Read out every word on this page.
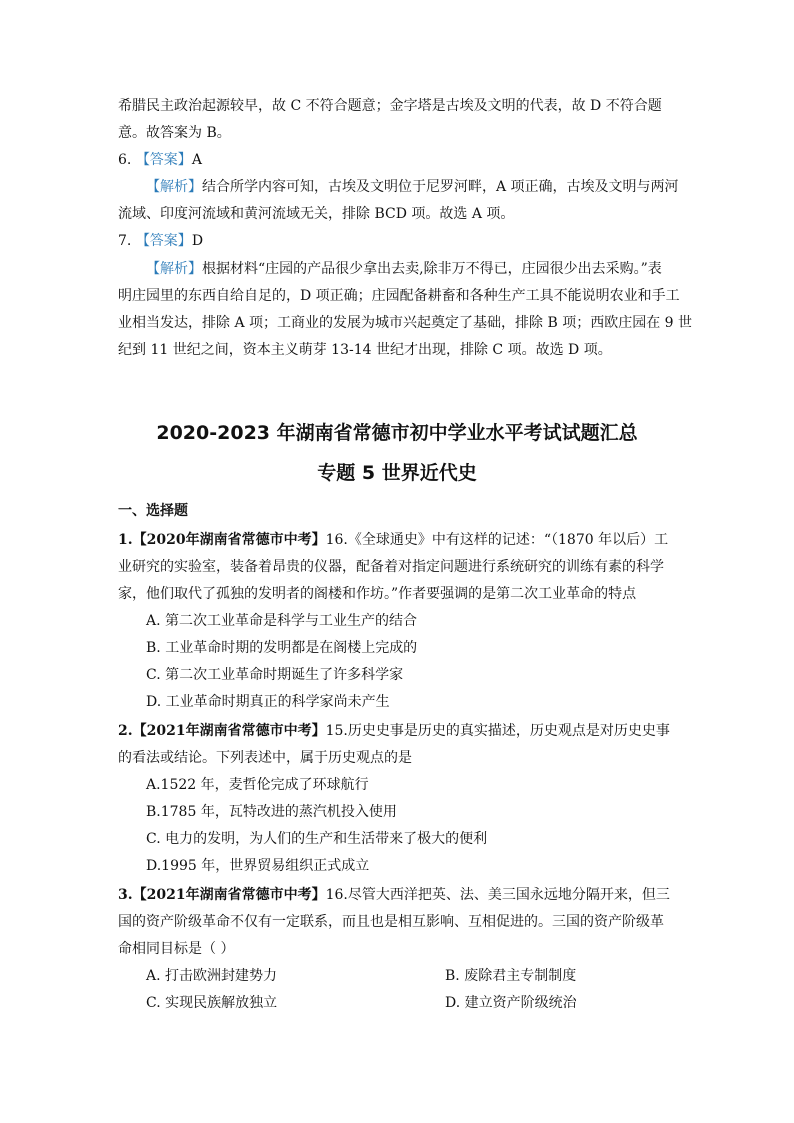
希腊民主政治起源较早，故 C 不符合题意；金字塔是古埃及文明的代表，故 D 不符合题
意。故答案为 B。
6. 【答案】A
【解析】结合所学内容可知，古埃及文明位于尼罗河畔，A 项正确，古埃及文明与两河
流域、印度河流域和黄河流域无关，排除 BCD 项。故选 A 项。
7. 【答案】D
【解析】根据材料“庄园的产品很少拿出去卖,除非万不得已，庄园很少出去采购。”表
明庄园里的东西自给自足的，D 项正确；庄园配备耕畜和各种生产工具不能说明农业和手工
业相当发达，排除 A 项；工商业的发展为城市兴起奠定了基础，排除 B 项；西欧庄园在 9 世
纪到 11 世纪之间，资本主义萌芽 13-14 世纪才出现，排除 C 项。故选 D 项。
2020-2023 年湖南省常德市初中学业水平考试试题汇总
专题 5 世界近代史
一、选择题
1.【2020年湖南省常德市中考】16.《全球通史》中有这样的记述：“（1870 年以后）工
业研究的实验室，装备着昂贵的仪器，配备着对指定问题进行系统研究的训练有素的科学
家，他们取代了孤独的发明者的阁楼和作坊。”作者要强调的是第二次工业革命的特点
A. 第二次工业革命是科学与工业生产的结合
B. 工业革命时期的发明都是在阁楼上完成的
C. 第二次工业革命时期诞生了许多科学家
D. 工业革命时期真正的科学家尚未产生
2.【2021年湖南省常德市中考】15.历史史事是历史的真实描述，历史观点是对历史史事
的看法或结论。下列表述中，属于历史观点的是
A.1522 年，麦哲伦完成了环球航行
B.1785 年，瓦特改进的蒸汽机投入使用
C. 电力的发明，为人们的生产和生活带来了极大的便利
D.1995 年，世界贸易组织正式成立
3.【2021年湖南省常德市中考】16.尽管大西洋把英、法、美三国永远地分隔开来，但三
国的资产阶级革命不仅有一定联系，而且也是相互影响、互相促进的。三国的资产阶级革
命相同目标是（ ）
A. 打击欧洲封建势力	B. 废除君主专制制度
C. 实现民族解放独立	D. 建立资产阶级统治
